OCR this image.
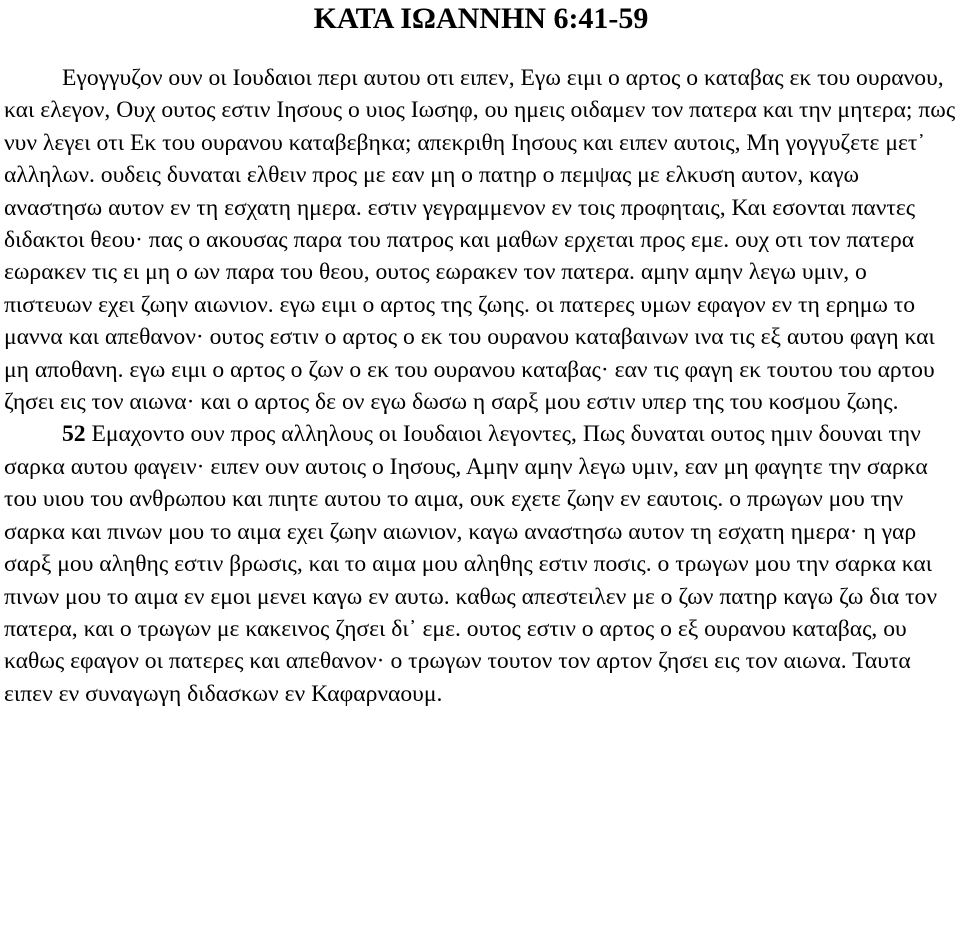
ΚΑΤΑ ΙΩΑΝΝΗΝ 6:41-59

Εγογγυζον ουν οι Ιουδαιοι περι αυτου οτι ειπεν, Εγω ειμι ο αρτος ο καταβας εκ του ουρανου, και ελεγον, Ουχ ουτος εστιν Ιησους ο υιος Ιωσηφ, ου ημεις οιδαμεν τον πατερα και την μητερα; πως νυν λεγει οτι Εκ του ουρανου καταβεβηκα; απεκριθη Ιησους και ειπεν αυτοις, Μη γογγυζετε μετ᾽ αλληλων. ουδεις δυναται ελθειν προς με εαν μη ο πατηρ ο πεμψας με ελκυση αυτον, καγω αναστησω αυτον εν τη εσχατη ημερα. εστιν γεγραμμενον εν τοις προφηταις, Και εσονται παντες διδακτοι θεου· πας ο ακουσας παρα του πατρος και μαθων ερχεται προς εμε. ουχ οτι τον πατερα εωρακεν τις ει μη ο ων παρα του θεου, ουτος εωρακεν τον πατερα. αμην αμην λεγω υμιν, ο πιστευων εχει ζωην αιωνιον. εγω ειμι ο αρτος της ζωης. οι πατερες υμων εφαγον εν τη ερημω το μαννα και απεθανον· ουτος εστιν ο αρτος ο εκ του ουρανου καταβαινων ινα τις εξ αυτου φαγη και μη αποθανη. εγω ειμι ο αρτος ο ζων ο εκ του ουρανου καταβας· εαν τις φαγη εκ τουτου του αρτου ζησει εις τον αιωνα· και ο αρτος δε ον εγω δωσω η σαρξ μου εστιν υπερ της του κοσμου ζωης.

52 Εμαχοντο ουν προς αλληλους οι Ιουδαιοι λεγοντες, Πως δυναται ουτος ημιν δουναι την σαρκα αυτου φαγειν· ειπεν ουν αυτοις ο Ιησους, Αμην αμην λεγω υμιν, εαν μη φαγητε την σαρκα του υιου του ανθρωπου και πιητε αυτου το αιμα, ουκ εχετε ζωην εν εαυτοις. ο πρωγων μου την σαρκα και πινων μου το αιμα εχει ζωην αιωνιον, καγω αναστησω αυτον τη εσχατη ημερα· η γαρ σαρξ μου αληθης εστιν βρωσις, και το αιμα μου αληθης εστιν ποσις. ο τρωγων μου την σαρκα και πινων μου το αιμα εν εμοι μενει καγω εν αυτω. καθως απεστειλεν με ο ζων πατηρ καγω ζω δια τον πατερα, και ο τρωγων με κακεινος ζησει δι᾽ εμε. ουτος εστιν ο αρτος ο εξ ουρανου καταβας, ου καθως εφαγον οι πατερες και απεθανον· ο τρωγων τουτον τον αρτον ζησει εις τον αιωνα. Ταυτα ειπεν εν συναγωγη διδασκων εν Καφαρναουμ.
